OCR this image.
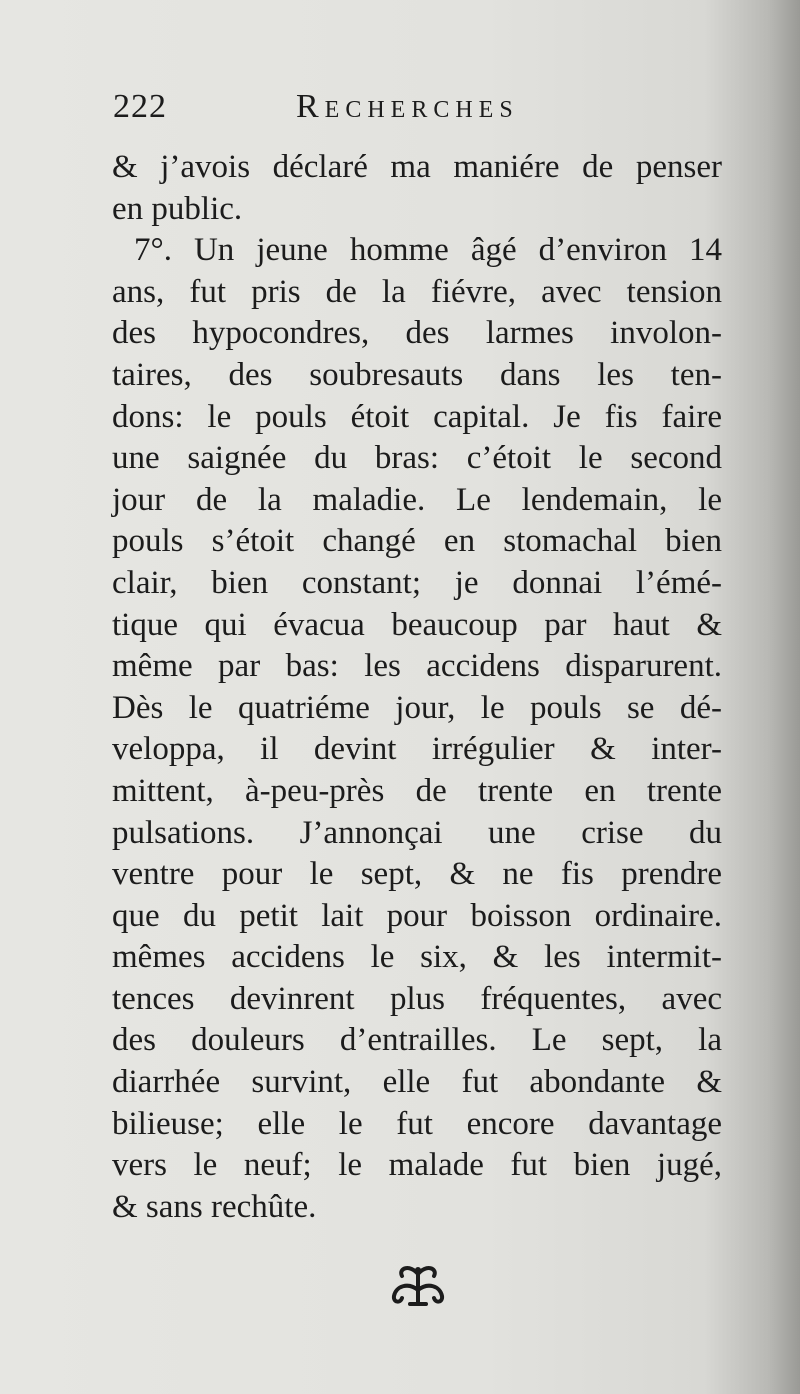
222	Recherches
& j’avois déclaré ma maniére de penser
en public.
7°. Un jeune homme âgé d’environ 14
ans, fut pris de la fiévre, avec tension
des hypocondres, des larmes involon-
taires, des soubresauts dans les ten-
dons: le pouls étoit capital. Je fis faire
une saignée du bras: c’étoit le second
jour de la maladie. Le lendemain, le
pouls s’étoit changé en stomachal bien
clair, bien constant; je donnai l’émé-
tique qui évacua beaucoup par haut &
même par bas: les accidens disparurent.
Dès le quatriéme jour, le pouls se dé-
veloppa, il devint irrégulier & inter-
mittent, à-peu-près de trente en trente
pulsations. J’annonçai une crise du
ventre pour le sept, & ne fis prendre
que du petit lait pour boisson ordinaire.
mêmes accidens le six, & les intermit-
tences devinrent plus fréquentes, avec
des douleurs d’entrailles. Le sept, la
diarrhée survint, elle fut abondante &
bilieuse; elle le fut encore davantage
vers le neuf; le malade fut bien jugé,
& sans rechûte.
